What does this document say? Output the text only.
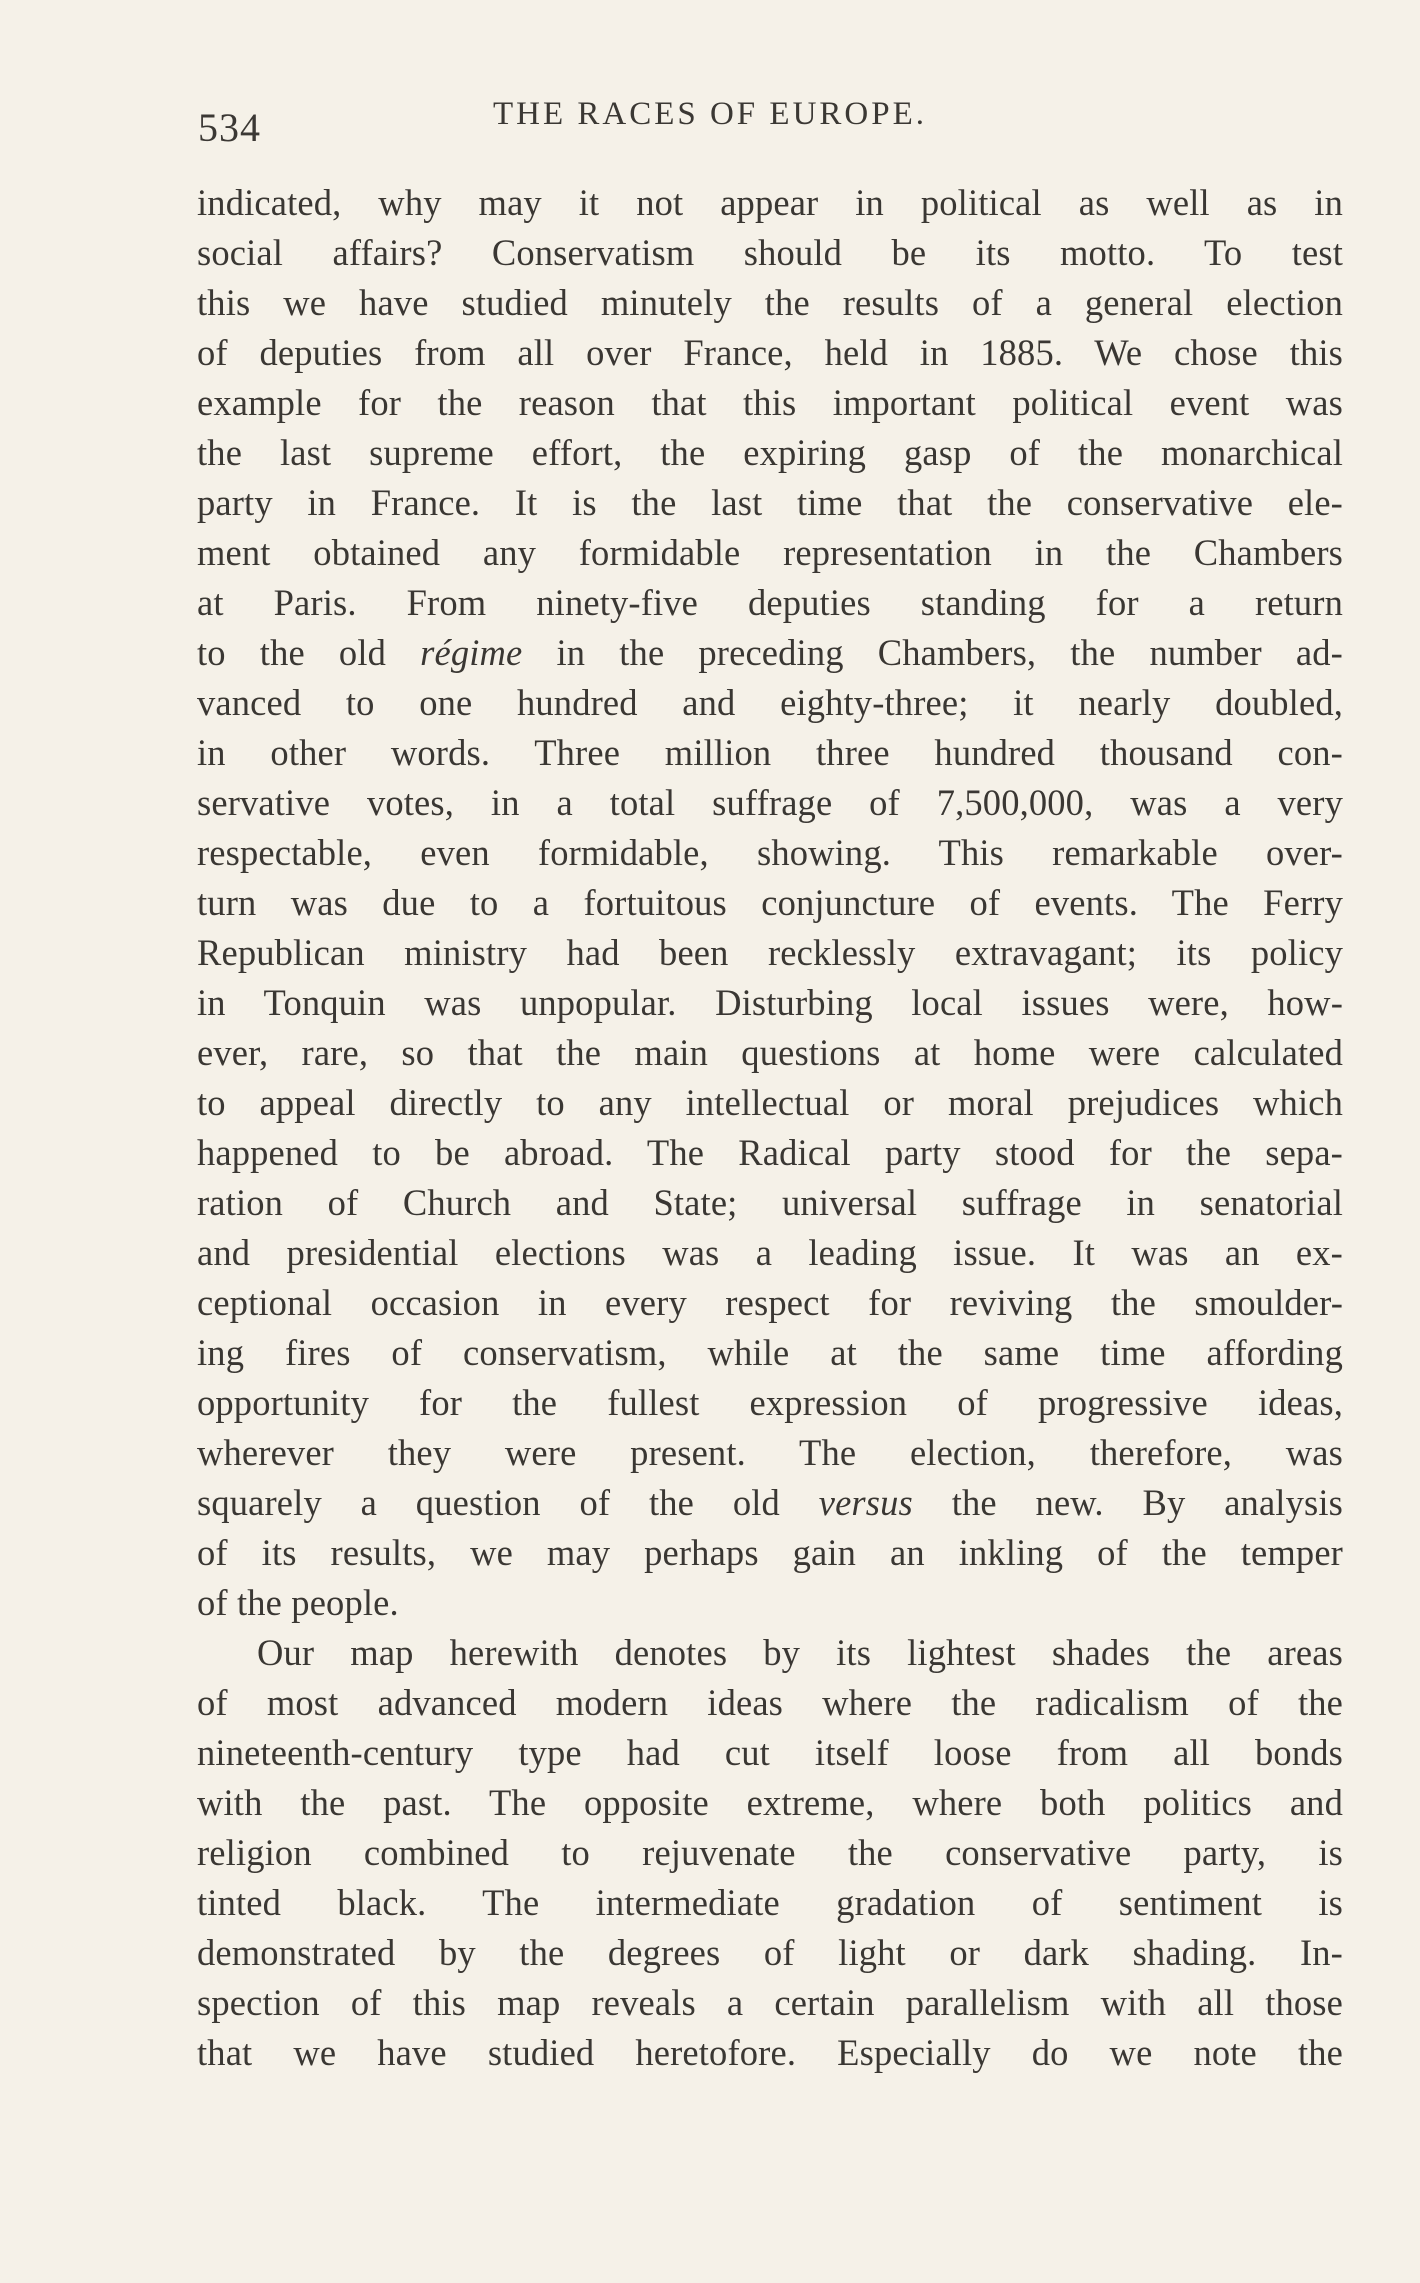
534	THE RACES OF EUROPE.
indicated, why may it not appear in political as well as in
social affairs? Conservatism should be its motto. To test
this we have studied minutely the results of a general election
of deputies from all over France, held in 1885. We chose this
example for the reason that this important political event was
the last supreme effort, the expiring gasp of the monarchical
party in France. It is the last time that the conservative ele-
ment obtained any formidable representation in the Chambers
at Paris. From ninety-five deputies standing for a return
to the old régime in the preceding Chambers, the number ad-
vanced to one hundred and eighty-three; it nearly doubled,
in other words. Three million three hundred thousand con-
servative votes, in a total suffrage of 7,500,000, was a very
respectable, even formidable, showing. This remarkable over-
turn was due to a fortuitous conjuncture of events. The Ferry
Republican ministry had been recklessly extravagant; its policy
in Tonquin was unpopular. Disturbing local issues were, how-
ever, rare, so that the main questions at home were calculated
to appeal directly to any intellectual or moral prejudices which
happened to be abroad. The Radical party stood for the sepa-
ration of Church and State; universal suffrage in senatorial
and presidential elections was a leading issue. It was an ex-
ceptional occasion in every respect for reviving the smoulder-
ing fires of conservatism, while at the same time affording
opportunity for the fullest expression of progressive ideas,
wherever they were present. The election, therefore, was
squarely a question of the old versus the new. By analysis
of its results, we may perhaps gain an inkling of the temper
of the people.
Our map herewith denotes by its lightest shades the areas
of most advanced modern ideas where the radicalism of the
nineteenth-century type had cut itself loose from all bonds
with the past. The opposite extreme, where both politics and
religion combined to rejuvenate the conservative party, is
tinted black. The intermediate gradation of sentiment is
demonstrated by the degrees of light or dark shading. In-
spection of this map reveals a certain parallelism with all those
that we have studied heretofore. Especially do we note the
